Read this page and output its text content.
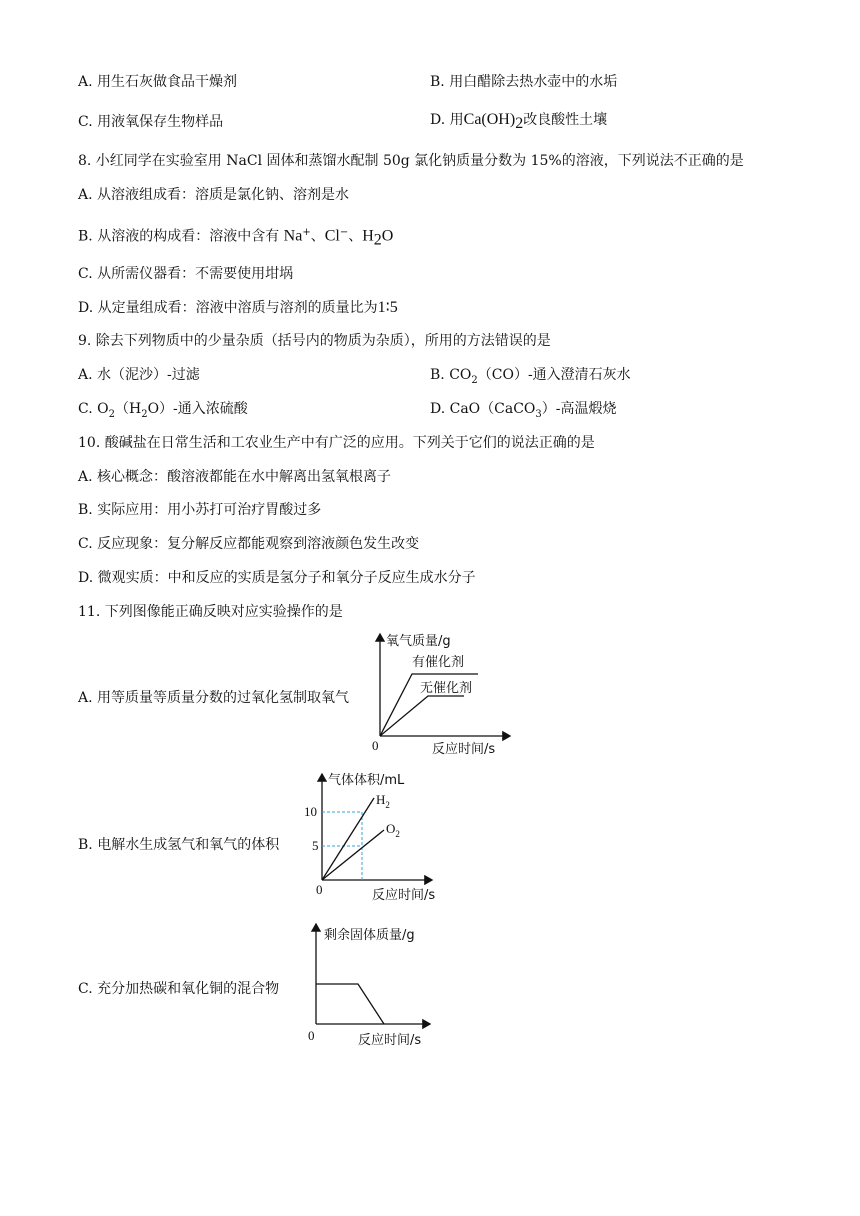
A. 用生石灰做食品干燥剂	B. 用白醋除去热水壶中的水垢
C. 用液氧保存生物样品	D. 用$Ca(OH)_2$改良酸性土壤
8. 小红同学在实验室用 NaCl 固体和蒸馏水配制 50g 氯化钠质量分数为 15%的溶液，下列说法不正确的是
A. 从溶液组成看：溶质是氯化钠、溶剂是水
B. 从溶液的构成看：溶液中含有 Na+、Cl−、$H_2O$
C. 从所需仪器看：不需要使用坩埚
D. 从定量组成看：溶液中溶质与溶剂的质量比为1∶5
9. 除去下列物质中的少量杂质（括号内的物质为杂质），所用的方法错误的是
A. 水（泥沙）-过滤	B. $CO_2(CO)-$通入澄清石灰水
C. $O_2(H_2O)-$通入浓硫酸	D. CaO（CaCO$_3$）-高温煅烧
10. 酸碱盐在日常生活和工农业生产中有广泛的应用。下列关于它们的说法正确的是
A. 核心概念：酸溶液都能在水中解离出氢氧根离子
B. 实际应用：用小苏打可治疗胃酸过多
C. 反应现象：复分解反应都能观察到溶液颜色发生改变
D. 微观实质：中和反应的实质是氢分子和氧分子反应生成水分子
11. 下列图像能正确反映对应实验操作的是
A. 用等质量等质量分数的过氧化氢制取氧气
B. 电解水生成氢气和氧气的体积
C. 充分加热碳和氧化铜的混合物
氧气质量/g
有催化剂
无催化剂
0	反应时间/s
气体体积/mL
10
5
$H_2$
$O_2$
0	反应时间/s
剩余固体质量/g
0	反应时间/s
